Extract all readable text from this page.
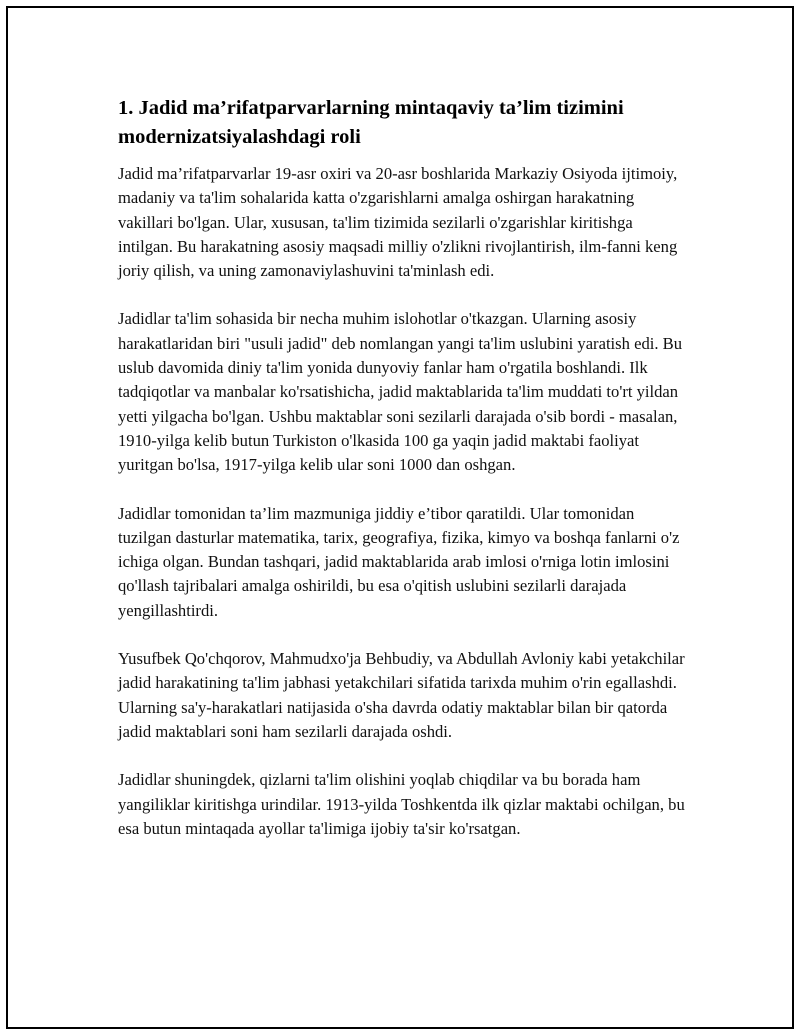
1. Jadid ma’rifatparvarlarning mintaqaviy ta’lim tizimini modernizatsiyalashdagi roli

Jadid ma’rifatparvarlar 19-asr oxiri va 20-asr boshlarida Markaziy Osiyoda ijtimoiy, madaniy va ta'lim sohalarida katta o'zgarishlarni amalga oshirgan harakatning vakillari bo'lgan. Ular, xususan, ta'lim tizimida sezilarli o'zgarishlar kiritishga intilgan. Bu harakatning asosiy maqsadi milliy o'zlikni rivojlantirish, ilm-fanni keng joriy qilish, va uning zamonaviylashuvini ta'minlash edi.

Jadidlar ta'lim sohasida bir necha muhim islohotlar o'tkazgan. Ularning asosiy harakatlaridan biri "usuli jadid" deb nomlangan yangi ta'lim uslubini yaratish edi. Bu uslub davomida diniy ta'lim yonida dunyoviy fanlar ham o'rgatila boshlandi. Ilk tadqiqotlar va manbalar ko'rsatishicha, jadid maktablarida ta'lim muddati to'rt yildan yetti yilgacha bo'lgan. Ushbu maktablar soni sezilarli darajada o'sib bordi - masalan, 1910-yilga kelib butun Turkiston o'lkasida 100 ga yaqin jadid maktabi faoliyat yuritgan bo'lsa, 1917-yilga kelib ular soni 1000 dan oshgan.

Jadidlar tomonidan ta’lim mazmuniga jiddiy e’tibor qaratildi. Ular tomonidan tuzilgan dasturlar matematika, tarix, geografiya, fizika, kimyo va boshqa fanlarni o'z ichiga olgan. Bundan tashqari, jadid maktablarida arab imlosi o'rniga lotin imlosini qo'llash tajribalari amalga oshirildi, bu esa o'qitish uslubini sezilarli darajada yengillashtirdi.

Yusufbek Qo'chqorov, Mahmudxo'ja Behbudiy, va Abdullah Avloniy kabi yetakchilar jadid harakatining ta'lim jabhasi yetakchilari sifatida tarixda muhim o'rin egallashdi. Ularning sa'y-harakatlari natijasida o'sha davrda odatiy maktablar bilan bir qatorda jadid maktablari soni ham sezilarli darajada oshdi.

Jadidlar shuningdek, qizlarni ta'lim olishini yoqlab chiqdilar va bu borada ham yangiliklar kiritishga urindilar. 1913-yilda Toshkentda ilk qizlar maktabi ochilgan, bu esa butun mintaqada ayollar ta'limiga ijobiy ta'sir ko'rsatgan.
